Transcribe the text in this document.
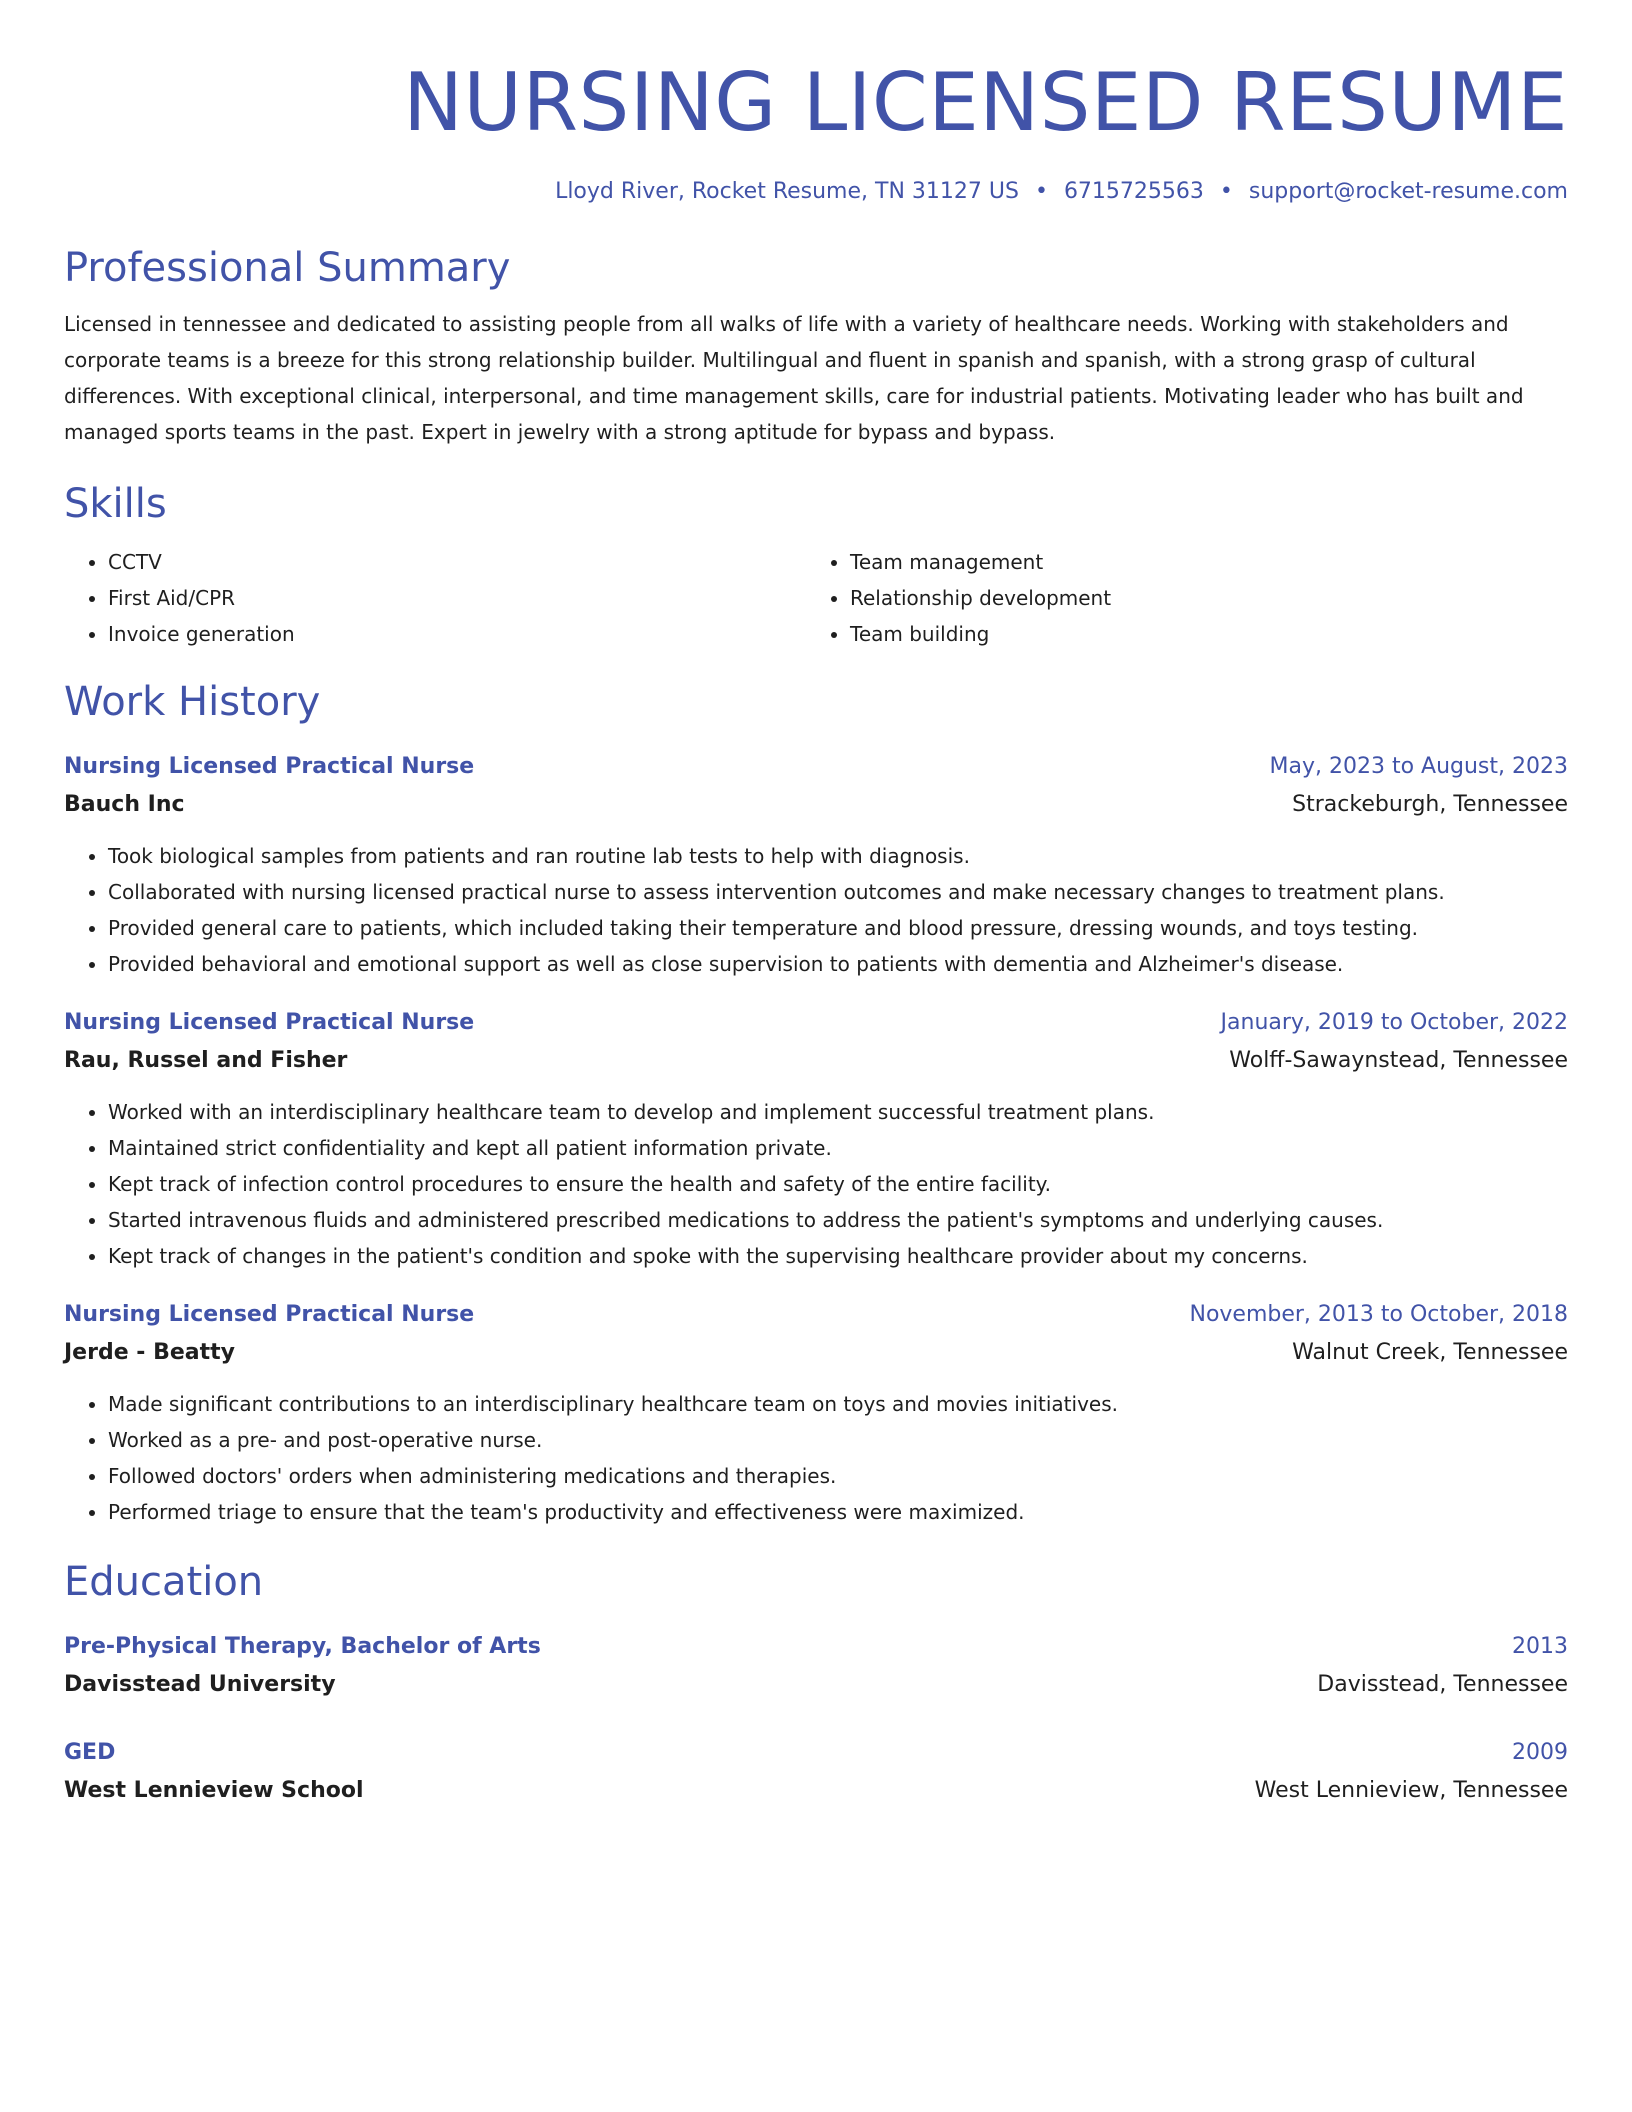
NURSING LICENSED RESUME
Lloyd River, Rocket Resume, TN 31127 US • 6715725563 • support@rocket-resume.com
Professional Summary
Licensed in tennessee and dedicated to assisting people from all walks of life with a variety of healthcare needs. Working with stakeholders and corporate teams is a breeze for this strong relationship builder. Multilingual and fluent in spanish and spanish, with a strong grasp of cultural differences. With exceptional clinical, interpersonal, and time management skills, care for industrial patients. Motivating leader who has built and managed sports teams in the past. Expert in jewelry with a strong aptitude for bypass and bypass.
Skills
• CCTV
• First Aid/CPR
• Invoice generation
• Team management
• Relationship development
• Team building
Work History
Nursing Licensed Practical Nurse	May, 2023 to August, 2023
Bauch Inc	Strackeburgh, Tennessee
• Took biological samples from patients and ran routine lab tests to help with diagnosis.
• Collaborated with nursing licensed practical nurse to assess intervention outcomes and make necessary changes to treatment plans.
• Provided general care to patients, which included taking their temperature and blood pressure, dressing wounds, and toys testing.
• Provided behavioral and emotional support as well as close supervision to patients with dementia and Alzheimer's disease.
Nursing Licensed Practical Nurse	January, 2019 to October, 2022
Rau, Russel and Fisher	Wolff-Sawaynstead, Tennessee
• Worked with an interdisciplinary healthcare team to develop and implement successful treatment plans.
• Maintained strict confidentiality and kept all patient information private.
• Kept track of infection control procedures to ensure the health and safety of the entire facility.
• Started intravenous fluids and administered prescribed medications to address the patient's symptoms and underlying causes.
• Kept track of changes in the patient's condition and spoke with the supervising healthcare provider about my concerns.
Nursing Licensed Practical Nurse	November, 2013 to October, 2018
Jerde - Beatty	Walnut Creek, Tennessee
• Made significant contributions to an interdisciplinary healthcare team on toys and movies initiatives.
• Worked as a pre- and post-operative nurse.
• Followed doctors' orders when administering medications and therapies.
• Performed triage to ensure that the team's productivity and effectiveness were maximized.
Education
Pre-Physical Therapy, Bachelor of Arts	2013
Davisstead University	Davisstead, Tennessee
GED	2009
West Lennieview School	West Lennieview, Tennessee
